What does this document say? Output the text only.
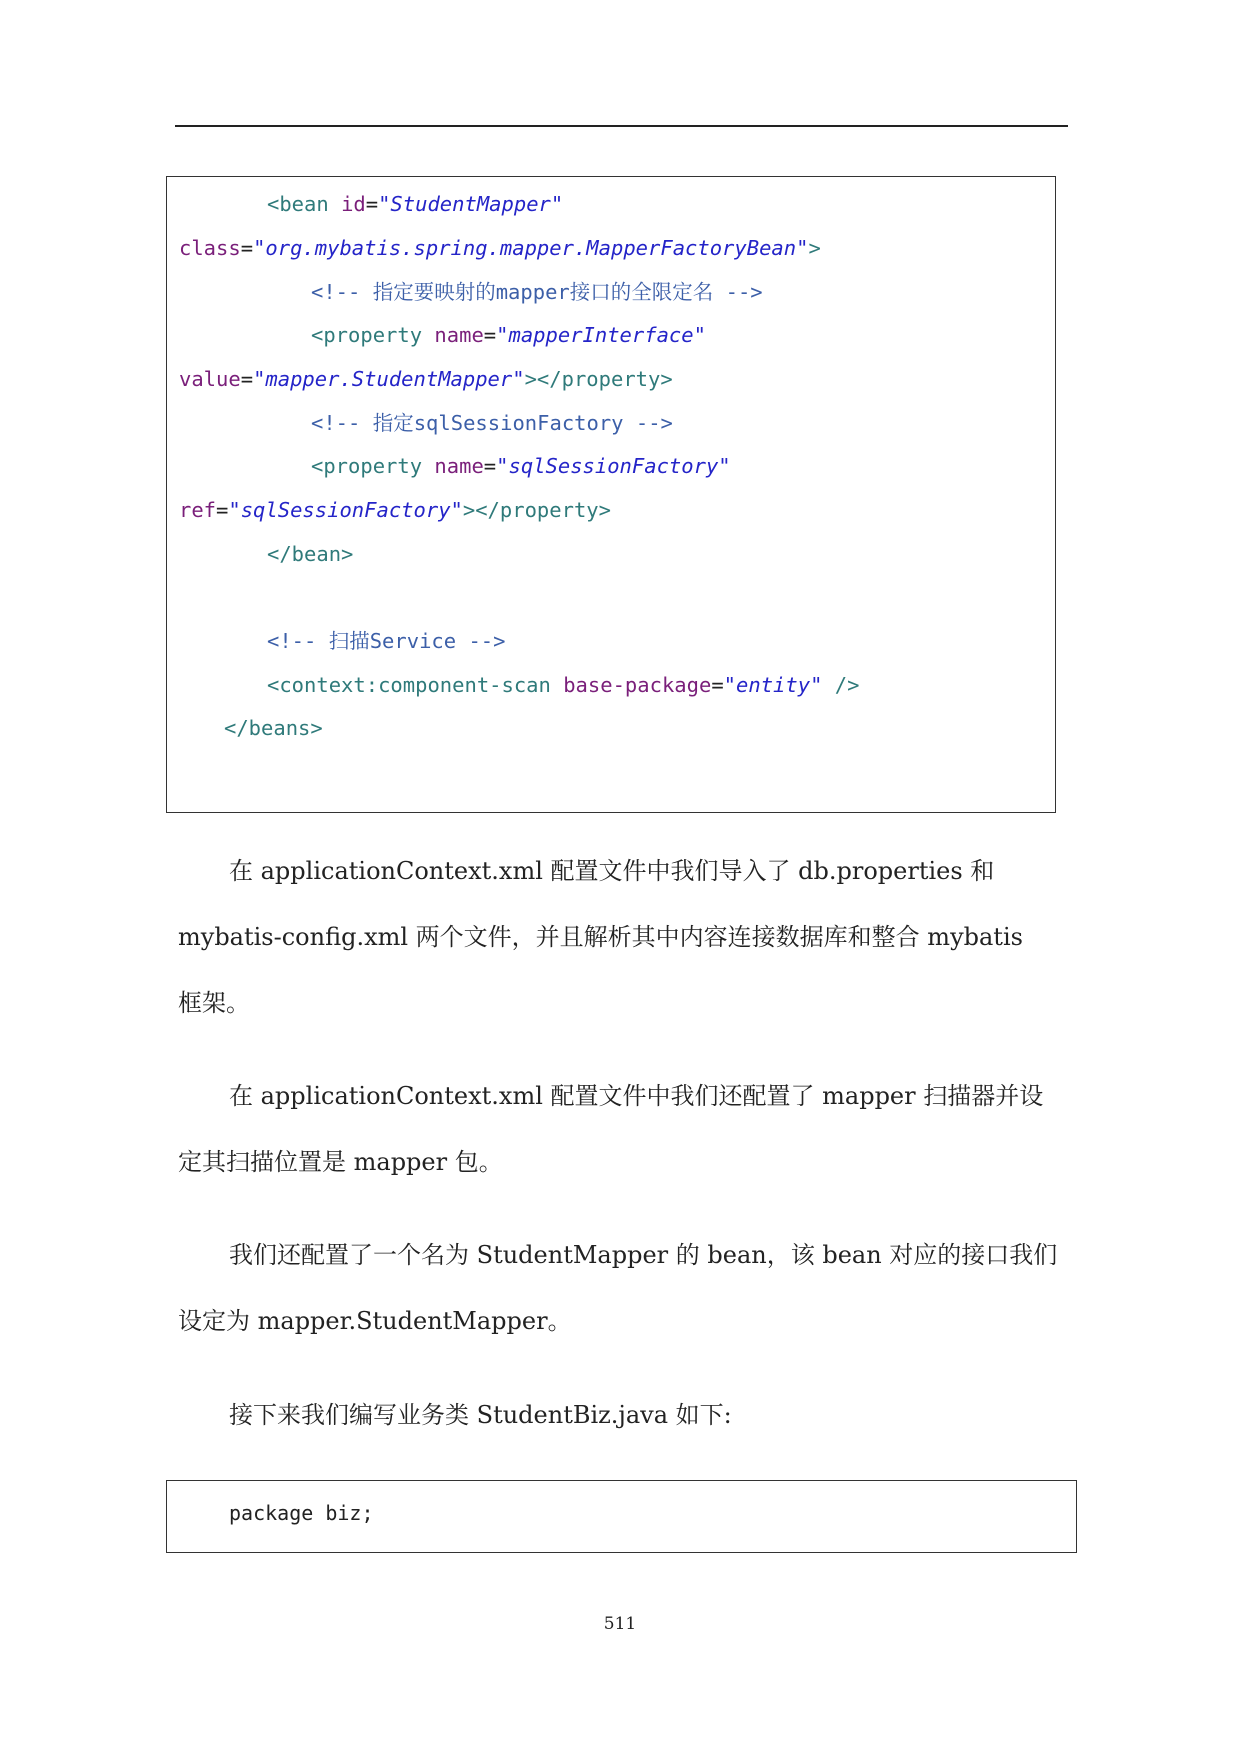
<bean id="StudentMapper"
class="org.mybatis.spring.mapper.MapperFactoryBean">
<!-- 指定要映射的mapper接口的全限定名 -->
<property name="mapperInterface"
value="mapper.StudentMapper"></property>
<!-- 指定sqlSessionFactory -->
<property name="sqlSessionFactory"
ref="sqlSessionFactory"></property>
</bean>
<!-- 扫描Service -->
<context:component-scan base-package="entity" />
</beans>
在 applicationContext.xml 配置文件中我们导入了 db.properties 和
mybatis-config.xml 两个文件，并且解析其中内容连接数据库和整合 mybatis
框架。
在 applicationContext.xml 配置文件中我们还配置了 mapper 扫描器并设
定其扫描位置是 mapper 包。
我们还配置了一个名为 StudentMapper 的 bean，该 bean 对应的接口我们
设定为 mapper.StudentMapper。
接下来我们编写业务类 StudentBiz.java 如下:
package biz;
511
